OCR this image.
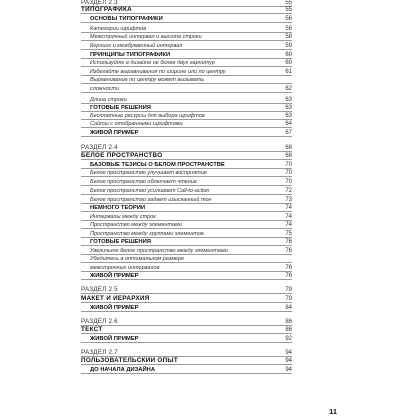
РАЗДЕЛ 2.3	55
ТИПОГРАФИКА	55
ОСНОВЫ ТИПОГРАФИКИ	56
Категории шрифтов	56
Межстрочный интервал и высота строки	58
Кернинг и межбуквенный интервал	59
ПРИНЦИПЫ ТИПОГРАФИКИ	60
Используйте в дизайне не более двух гарнитур	60
Избегайте выравнивания по ширине или по центру	61
Выравнивание по центру может вызывать
сложности	62
Длина строки	63
ГОТОВЫЕ РЕШЕНИЯ	63
Бесплатные ресурсы для выбора шрифтов	63
Сайты с отобранными шрифтами	64
ЖИВОЙ ПРИМЕР	67
РАЗДЕЛ 2.4	68
БЕЛОЕ ПРОСТРАНСТВО	68
БАЗОВЫЕ ТЕЗИСЫ О БЕЛОМ ПРОСТРАНСТВЕ	70
Белое пространство улучшает восприятие	70
Белое пространство облегчает чтение	70
Белое пространство усиливает Call-to-action	72
Белое пространство задает изысканный тон	73
НЕМНОГО ТЕОРИИ	74
Интервалы между строк	74
Пространство между элементами	74
Пространство между группами элементов	75
ГОТОВЫЕ РЕШЕНИЯ	76
Увеличьте белое пространство между элементами	76
Убедитесь в оптимальном размере
межстрочных интервалов	76
ЖИВОЙ ПРИМЕР	76
РАЗДЕЛ 2.5	79
МАКЕТ И ИЕРАРХИЯ	79
ЖИВОЙ ПРИМЕР	84
РАЗДЕЛ 2.6	86
ТЕКСТ	86
ЖИВОЙ ПРИМЕР	92
РАЗДЕЛ 2.7	94
ПОЛЬЗОВАТЕЛЬСКИЙ ОПЫТ	94
ДО НАЧАЛА ДИЗАЙНА	94
11
